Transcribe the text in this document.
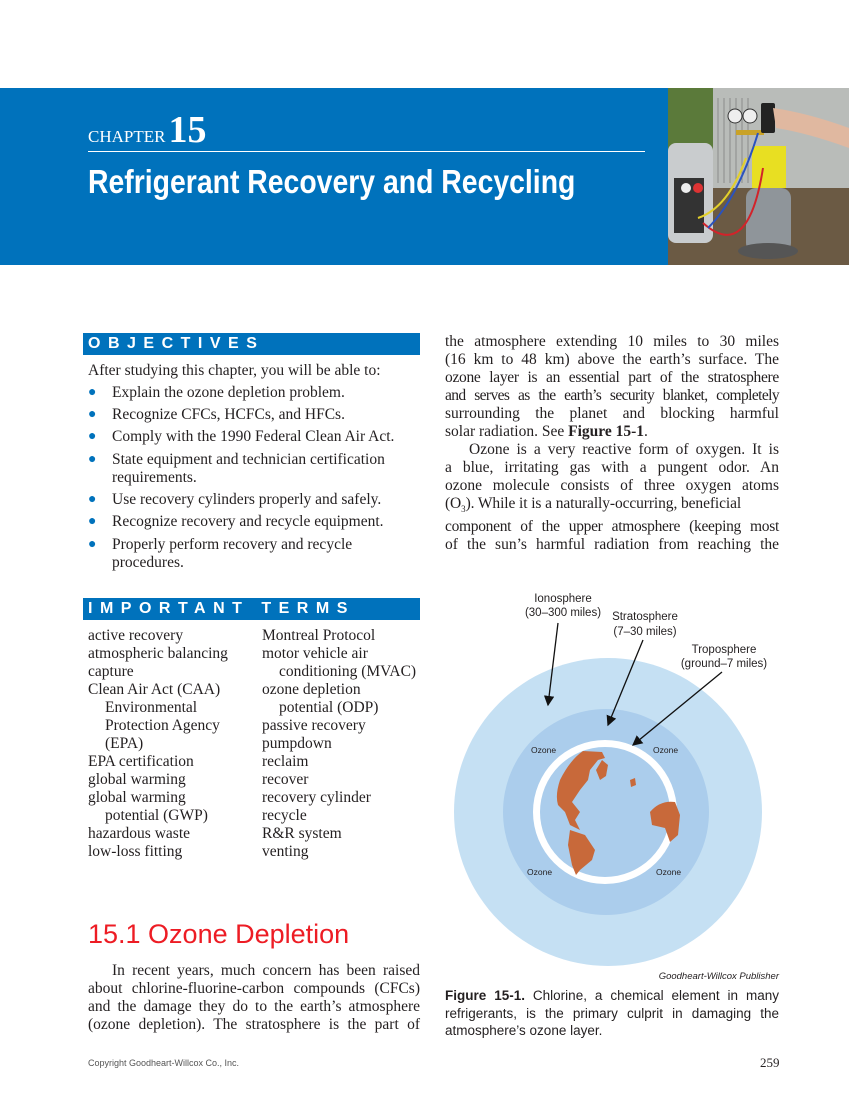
CHAPTER15
Refrigerant Recovery and Recycling
OBJECTIVES
After studying this chapter, you will be able to:
● Explain the ozone depletion problem.
● Recognize CFCs, HCFCs, and HFCs.
● Comply with the 1990 Federal Clean Air Act.
● State equipment and technician certification
requirements.
● Use recovery cylinders properly and safely.
● Recognize recovery and recycle equipment.
● Properly perform recovery and recycle
procedures.
IMPORTANT TERMS
active recovery
atmospheric balancing
capture
Clean Air Act (CAA)
Environmental
Protection Agency
(EPA)
EPA certification
global warming
global warming
potential (GWP)
hazardous waste
low-loss fitting
Montreal Protocol
motor vehicle air
conditioning (MVAC)
ozone depletion
potential (ODP)
passive recovery
pumpdown
reclaim
recover
recovery cylinder
recycle
R&R system
venting
15.1 Ozone Depletion
In recent years, much concern has been raised
about chlorine-fluorine-carbon compounds (CFCs)
and the damage they do to the earth’s atmosphere
(ozone depletion). The stratosphere is the part of
the atmosphere extending 10 miles to 30 miles
(16 km to 48 km) above the earth’s surface. The
ozone layer is an essential part of the stratosphere
and serves as the earth’s security blanket, completely
surrounding the planet and blocking harmful
solar radiation. See Figure 15-1.
Ozone is a very reactive form of oxygen. It is
a blue, irritating gas with a pungent odor. An
ozone molecule consists of three oxygen atoms
$(O_3)$. While it is a naturally-occurring, beneficial
component of the upper atmosphere (keeping most
of the sun’s harmful radiation from reaching the
Ozone	Ozone
Ozone	Ozone
Ionosphere
(30–300 miles) Stratosphere
(7–30 miles)
Troposphere
(ground–7 miles)
Goodheart-Willcox Publisher
Figure 15-1. Chlorine, a chemical element in many
refrigerants, is the primary culprit in damaging the
atmosphere’s ozone layer.
Copyright Goodheart-Willcox Co., Inc.	259
